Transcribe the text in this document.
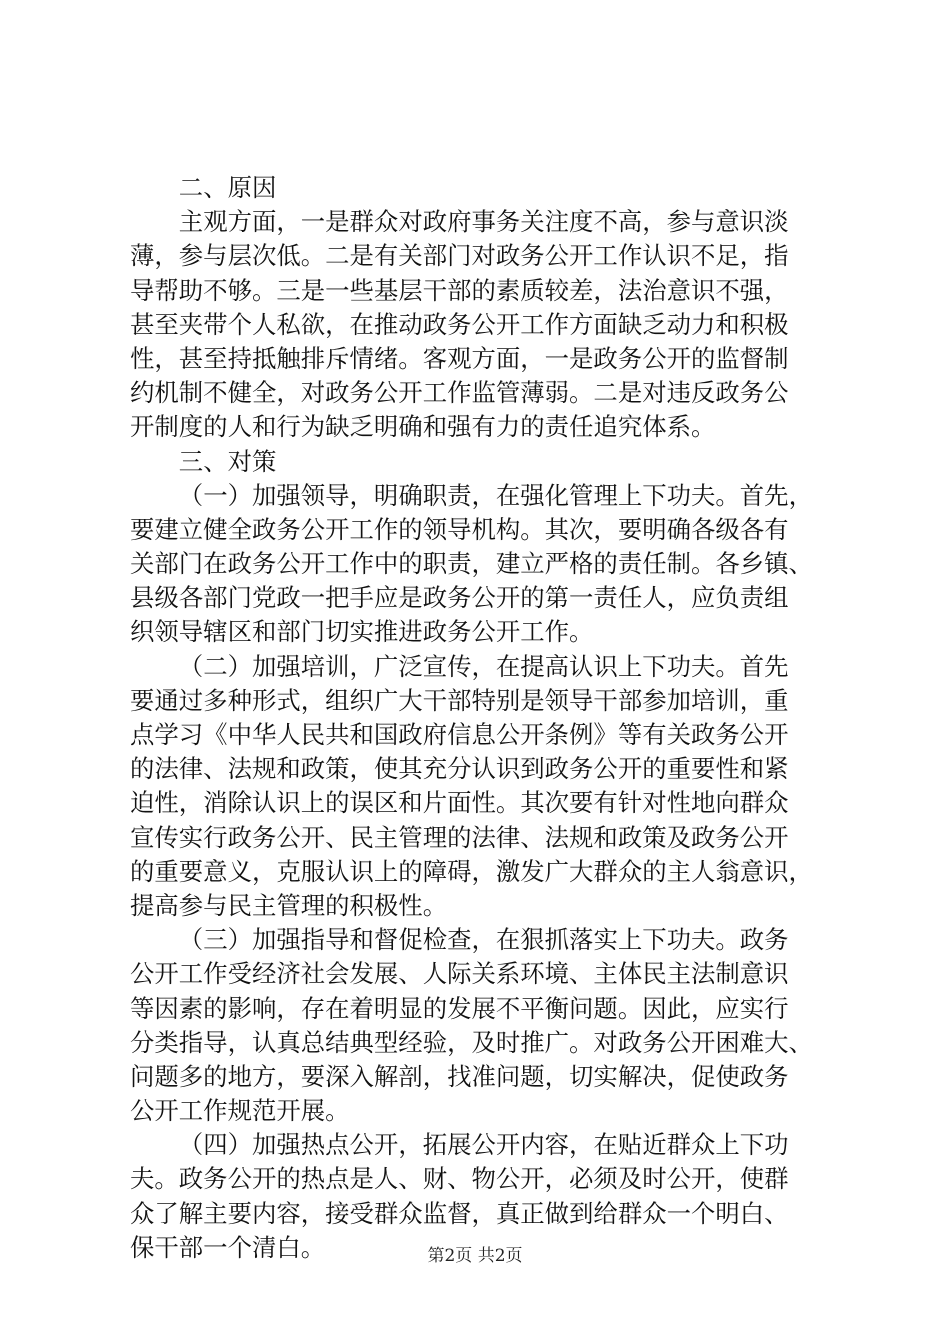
二、原因
主观方面，一是群众对政府事务关注度不高，参与意识淡
薄，参与层次低。二是有关部门对政务公开工作认识不足，指
导帮助不够。三是一些基层干部的素质较差，法治意识不强，
甚至夹带个人私欲，在推动政务公开工作方面缺乏动力和积极
性，甚至持抵触排斥情绪。客观方面，一是政务公开的监督制
约机制不健全，对政务公开工作监管薄弱。二是对违反政务公
开制度的人和行为缺乏明确和强有力的责任追究体系。
三、对策
（一）加强领导，明确职责，在强化管理上下功夫。首先，
要建立健全政务公开工作的领导机构。其次，要明确各级各有
关部门在政务公开工作中的职责，建立严格的责任制。各乡镇、
县级各部门党政一把手应是政务公开的第一责任人，应负责组
织领导辖区和部门切实推进政务公开工作。
（二）加强培训，广泛宣传，在提高认识上下功夫。首先
要通过多种形式，组织广大干部特别是领导干部参加培训，重
点学习《中华人民共和国政府信息公开条例》等有关政务公开
的法律、法规和政策，使其充分认识到政务公开的重要性和紧
迫性，消除认识上的误区和片面性。其次要有针对性地向群众
宣传实行政务公开、民主管理的法律、法规和政策及政务公开
的重要意义，克服认识上的障碍，激发广大群众的主人翁意识，
提高参与民主管理的积极性。
（三）加强指导和督促检查，在狠抓落实上下功夫。政务
公开工作受经济社会发展、人际关系环境、主体民主法制意识
等因素的影响，存在着明显的发展不平衡问题。因此，应实行
分类指导，认真总结典型经验，及时推广。对政务公开困难大、
问题多的地方，要深入解剖，找准问题，切实解决，促使政务
公开工作规范开展。
（四）加强热点公开，拓展公开内容，在贴近群众上下功
夫。政务公开的热点是人、财、物公开，必须及时公开，使群
众了解主要内容，接受群众监督，真正做到给群众一个明白、
保干部一个清白。	第2页 共2页
